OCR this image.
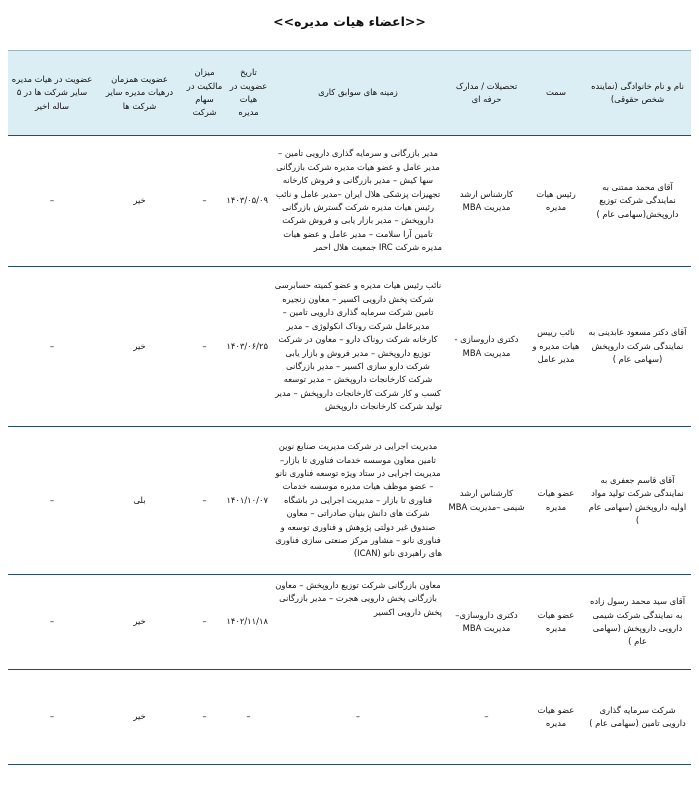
<<اعضاء هیات مدیره>>
نام و نام خانوادگی (نماینده شخص حقوقی)	سمت	تحصیلات / مدارک حرفه ای	زمینه های سوابق کاری	تاریخ عضویت در هیات مدیره	میزان مالکیت در سهام شرکت	عضویت همزمان درهیات مدیره سایر شرکت ها	عضویت در هیات مدیره سایر شرکت ها در ۵ ساله اخیر
آقای محمد ممتنی به نمایندگی شرکت توزیع داروپخش(سهامی عام )	رئیس هیات مدیره	کارشناس ارشد مدیریت MBA	مدیر بازرگانی و سرمایه گذاری دارویی تامین – مدیر عامل و عضو هیات مدیره شرکت بازرگانی سها کیش – مدیر بازرگانی و فروش کارخانه تجهیزات پزشکی هلال ایران –مدیر عامل و نائب رئیس هیات مدیره شرکت گسترش بازرگانی داروپخش – مدیر بازار یابی و فروش شرکت تامین آرا سلامت – مدیر عامل و عضو هیات مدیره شرکت IRC جمعیت هلال احمر	۱۴۰۳/۰۵/۰۹	–	خیر	–
آقای دکتر مسعود عابدینی به نمایندگی شرکت داروپخش (سهامی عام )	نائب رییس هیات مدیره و مدیر عامل	دکتری داروسازی - مدیریت MBA	نائب رئیس هیات مدیره و عضو کمیته حسابرسی شرکت پخش دارویی اکسیر – معاون زنجیره تامین شرکت سرمایه گذاری دارویی تامین – مدیرعامل شرکت روناک انکولوژی – مدیر کارخانه شرکت روناک دارو – معاون در شرکت توزیع داروپخش – مدیر فروش و بازار یابی شرکت دارو سازی اکسیر – مدیر بازرگانی شرکت کارخانجات داروپخش – مدیر توسعه کسب و کار شرکت کارخانجات داروپخش – مدیر تولید شرکت کارخانجات داروپخش	۱۴۰۳/۰۶/۲۵	–	خیر	–
آقای قاسم جعفری به نمایندگی شرکت تولید مواد اولیه داروپخش (سهامی عام )	عضو هیات مدیره	کارشناس ارشد شیمی –مدیریت MBA	مدیریت اجرایی در شرکت مدیریت صنایع نوین تامین معاون موسسه خدمات فناوری تا بازار– مدیریت اجرایی در ستاد ویژه توسعه فناوری نانو – عضو موظف هیات مدیره موسسه خدمات فناوری تا بازار – مدیریت اجرایی در باشگاه شرکت های دانش بنیان صادراتی – معاون صندوق غیر دولتی پژوهش و فناوری توسعه و فناوری نانو – مشاور مرکز صنعتی سازی فناوری های راهبردی نانو (ICAN)	۱۴۰۱/۱۰/۰۷	–	بلی	–
آقای سید محمد رسول زاده به نمایندگی شرکت شیمی دارویی داروپخش (سهامی عام )	عضو هیات مدیره	دکتری داروسازی– مدیریت MBA	معاون بازرگانی شرکت توزیع داروپخش – معاون بازرگانی پخش دارویی هجرت – مدیر بازرگانی پخش دارویی اکسیر	۱۴۰۲/۱۱/۱۸	–	خیر	–
شرکت سرمایه گذاری دارویی تامین (سهامی عام )	عضو هیات مدیره	–	–	–	–	خیر	–
